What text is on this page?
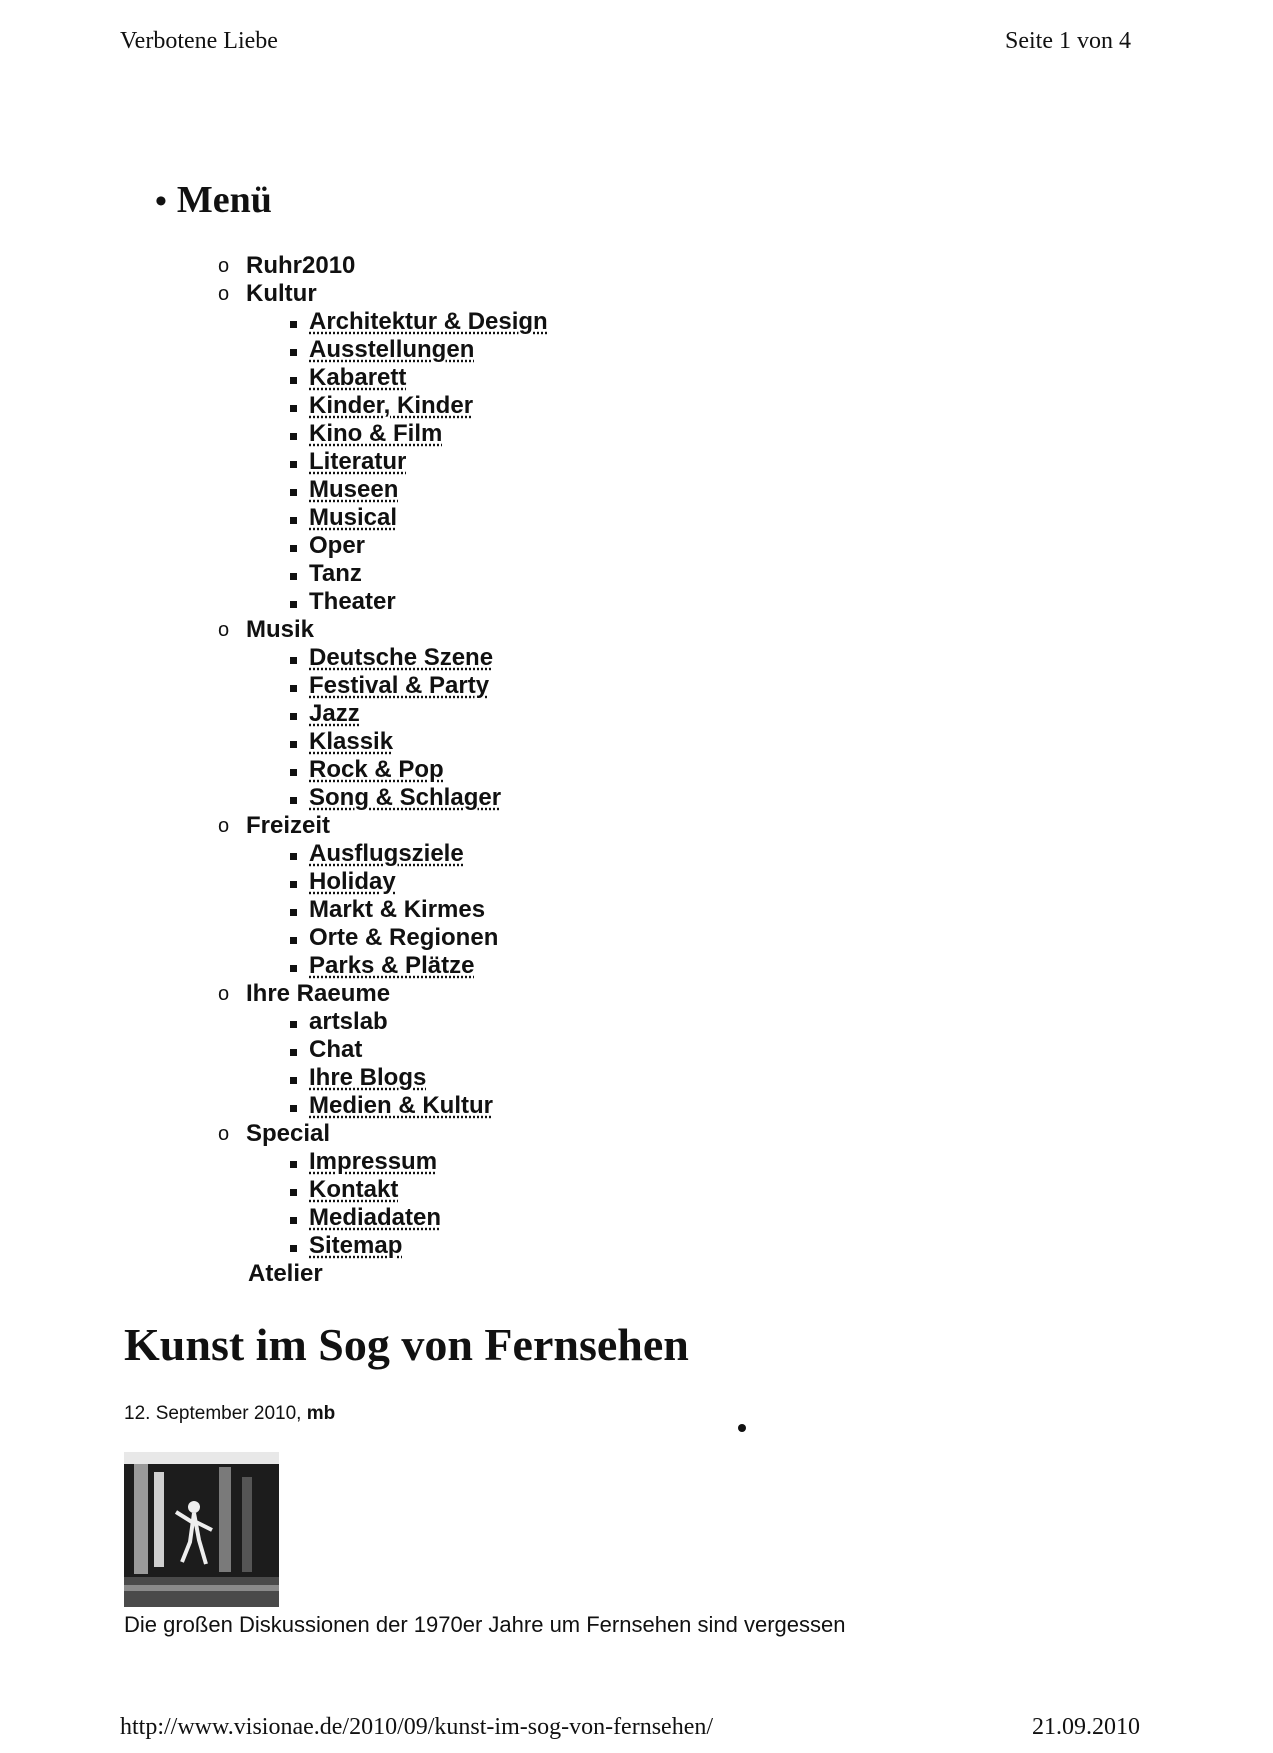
Verbotene Liebe	Seite 1 von 4
• Menü
o Ruhr2010
o Kultur
Architektur & Design
Ausstellungen
Kabarett
Kinder, Kinder
Kino & Film
Literatur
Museen
Musical
Oper
Tanz
Theater
o Musik
Deutsche Szene
Festival & Party
Jazz
Klassik
Rock & Pop
Song & Schlager
o Freizeit
Ausflugsziele
Holiday
Markt & Kirmes
Orte & Regionen
Parks & Plätze
o Ihre Raeume
artslab
Chat
Ihre Blogs
Medien & Kultur
o Special
Impressum
Kontakt
Mediadaten
Sitemap
Atelier
Kunst im Sog von Fernsehen
12. September 2010, mb
Die großen Diskussionen der 1970er Jahre um Fernsehen sind vergessen
http://www.visionae.de/2010/09/kunst-im-sog-von-fernsehen/	21.09.2010
